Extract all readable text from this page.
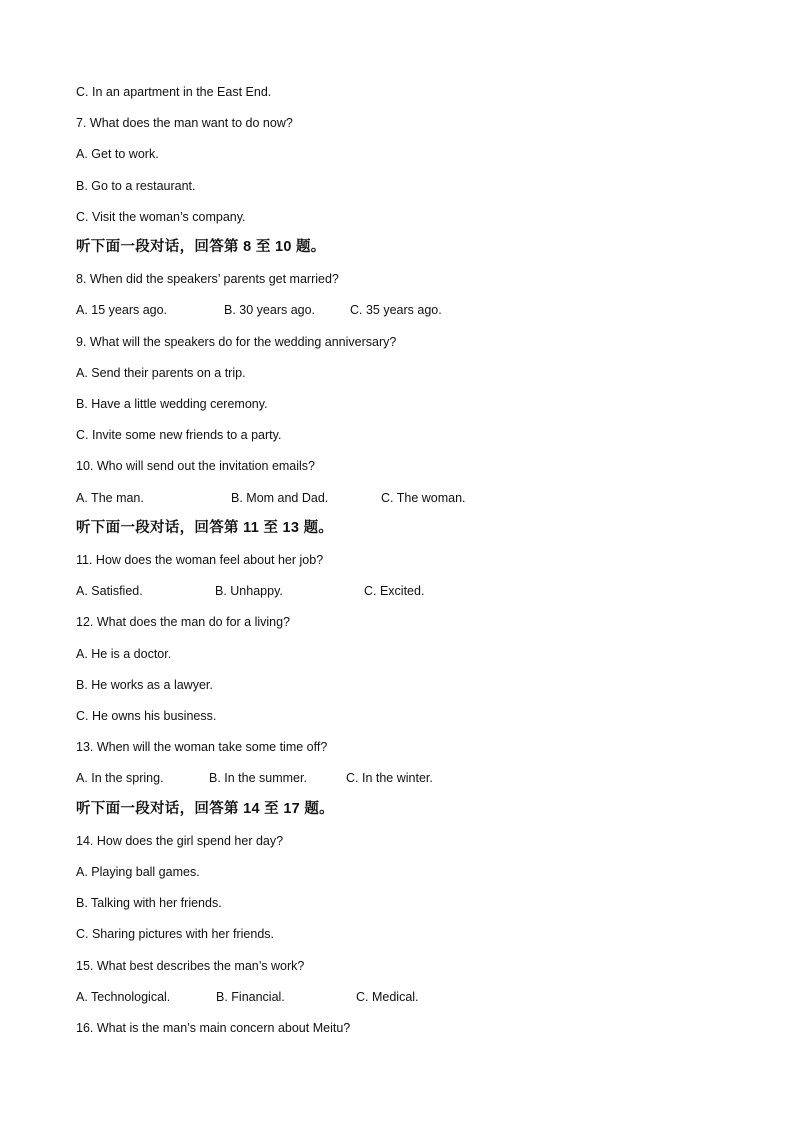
C. In an apartment in the East End.
7. What does the man want to do now?
A. Get to work.
B. Go to a restaurant.
C. Visit the woman’s company.
听下面一段对话，回答第 8 至 10 题。
8. When did the speakers’ parents get married?
A. 15 years ago.	B. 30 years ago.	C. 35 years ago.
9. What will the speakers do for the wedding anniversary?
A. Send their parents on a trip.
B. Have a little wedding ceremony.
C. Invite some new friends to a party.
10. Who will send out the invitation emails?
A. The man.	B. Mom and Dad.	C. The woman.
听下面一段对话，回答第 11 至 13 题。
11. How does the woman feel about her job?
A. Satisfied.	B. Unhappy.	C. Excited.
12. What does the man do for a living?
A. He is a doctor.
B. He works as a lawyer.
C. He owns his business.
13. When will the woman take some time off?
A. In the spring.	B. In the summer.	C. In the winter.
听下面一段对话，回答第 14 至 17 题。
14. How does the girl spend her day?
A. Playing ball games.
B. Talking with her friends.
C. Sharing pictures with her friends.
15. What best describes the man’s work?
A. Technological.	B. Financial.	C. Medical.
16. What is the man’s main concern about Meitu?
